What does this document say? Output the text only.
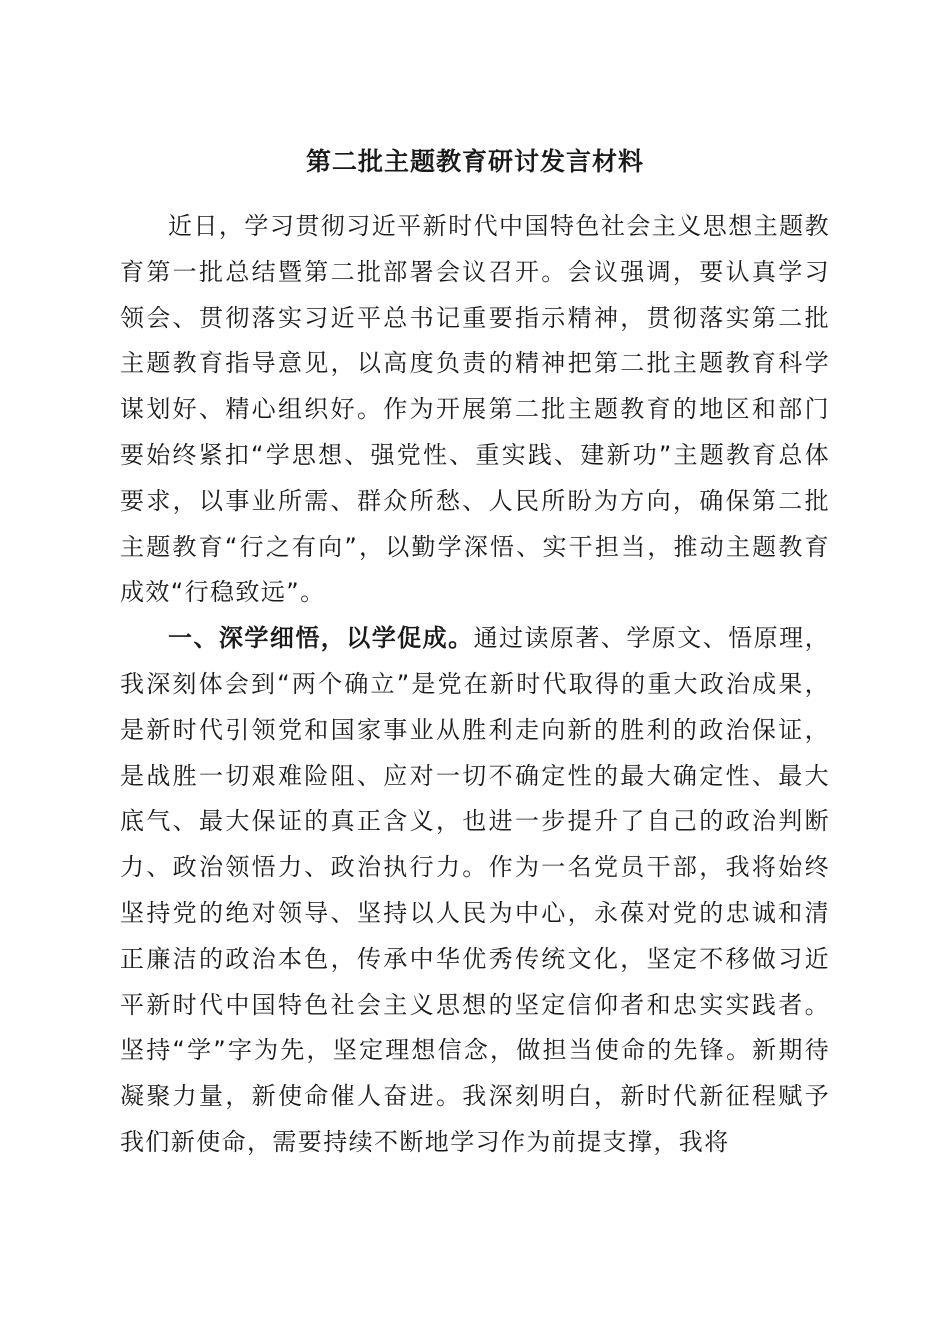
第二批主题教育研讨发言材料

近日，学习贯彻习近平新时代中国特色社会主义思想主题教育第一批总结暨第二批部署会议召开。会议强调，要认真学习领会、贯彻落实习近平总书记重要指示精神，贯彻落实第二批主题教育指导意见，以高度负责的精神把第二批主题教育科学谋划好、精心组织好。作为开展第二批主题教育的地区和部门要始终紧扣“学思想、强党性、重实践、建新功”主题教育总体要求，以事业所需、群众所愁、人民所盼为方向，确保第二批主题教育“行之有向”，以勤学深悟、实干担当，推动主题教育成效“行稳致远”。

一、深学细悟，以学促成。通过读原著、学原文、悟原理，我深刻体会到“两个确立”是党在新时代取得的重大政治成果，是新时代引领党和国家事业从胜利走向新的胜利的政治保证，是战胜一切艰难险阻、应对一切不确定性的最大确定性、最大底气、最大保证的真正含义，也进一步提升了自己的政治判断力、政治领悟力、政治执行力。作为一名党员干部，我将始终坚持党的绝对领导、坚持以人民为中心，永葆对党的忠诚和清正廉洁的政治本色，传承中华优秀传统文化，坚定不移做习近平新时代中国特色社会主义思想的坚定信仰者和忠实实践者。坚持“学”字为先，坚定理想信念，做担当使命的先锋。新期待凝聚力量，新使命催人奋进。我深刻明白，新时代新征程赋予我们新使命，需要持续不断地学习作为前提支撑，我将
